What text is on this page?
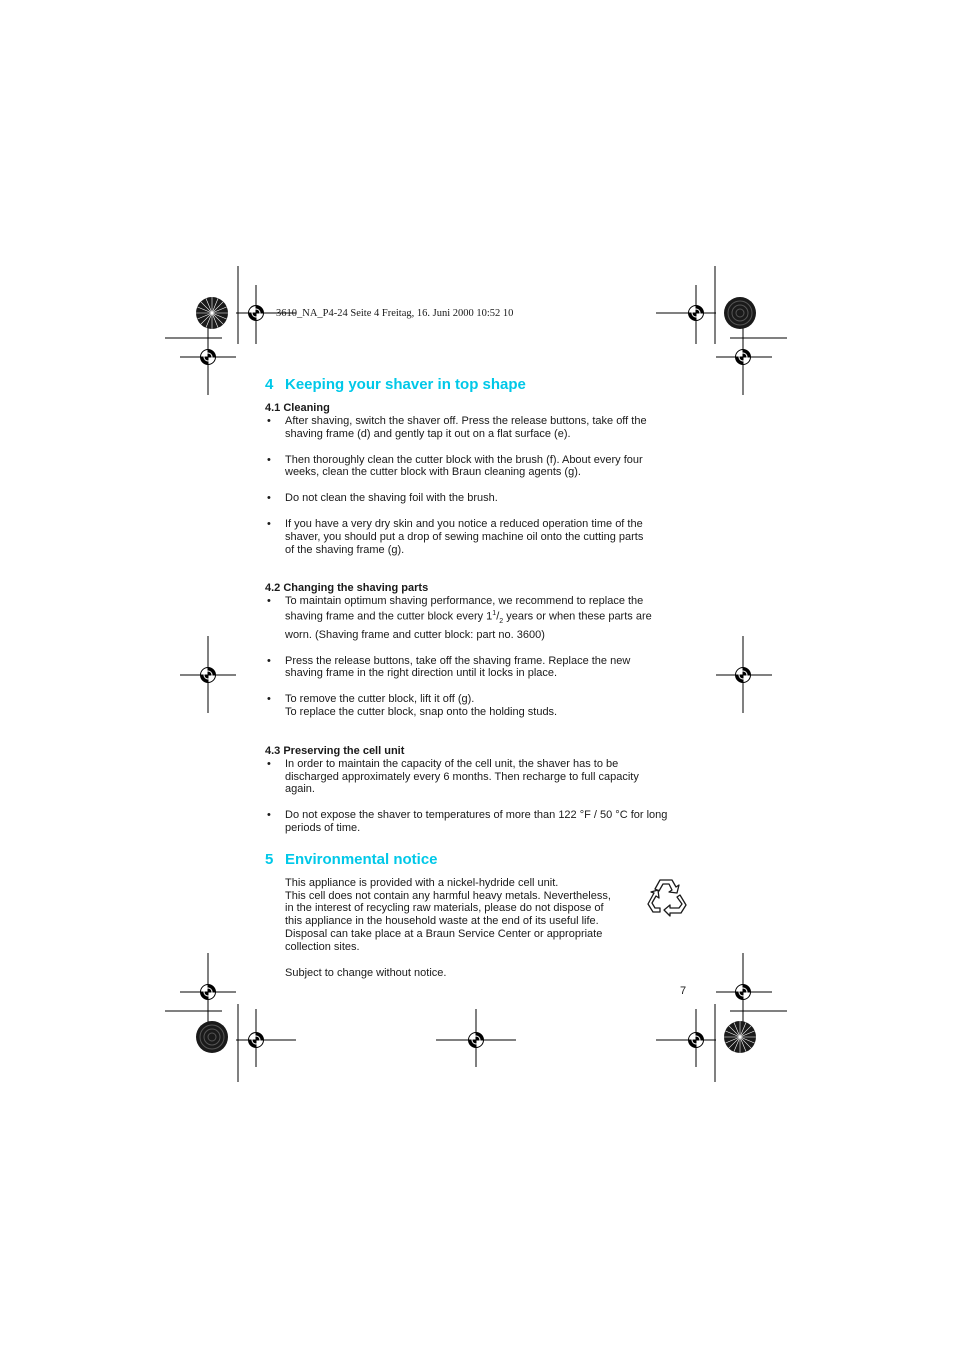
3610_NA_P4-24 Seite 4 Freitag, 16. Juni 2000 10:52 10
4 Keeping your shaver in top shape

4.1 Cleaning

•	After shaving, switch the shaver off. Press the release buttons, take off the
shaving frame (d) and gently tap it out on a flat surface (e).
•	Then thoroughly clean the cutter block with the brush (f). About every four
weeks, clean the cutter block with Braun cleaning agents (g).
•	Do not clean the shaving foil with the brush.
•	If you have a very dry skin and you notice a reduced operation time of the
shaver, you should put a drop of sewing machine oil onto the cutting parts
of the shaving frame (g).

4.2 Changing the shaving parts

•	To maintain optimum shaving performance, we recommend to replace the
shaving frame and the cutter block every $1^1/_2$ years or when these parts are
worn. (Shaving frame and cutter block: part no. 3600)
•	Press the release buttons, take off the shaving frame. Replace the new
shaving frame in the right direction until it locks in place.
•	To remove the cutter block, lift it off (g).
To replace the cutter block, snap onto the holding studs.

4.3 Preserving the cell unit

•	In order to maintain the capacity of the cell unit, the shaver has to be
discharged approximately every 6 months. Then recharge to full capacity
again.
•	Do not expose the shaver to temperatures of more than 122 °F / 50 °C for long
periods of time.
5 Environmental notice
This appliance is provided with a nickel-hydride cell unit.
This cell does not contain any harmful heavy metals. Nevertheless,
in the interest of recycling raw materials, please do not dispose of
this appliance in the household waste at the end of its useful life.
Disposal can take place at a Braun Service Center or appropriate
collection sites.
Subject to change without notice.
7
